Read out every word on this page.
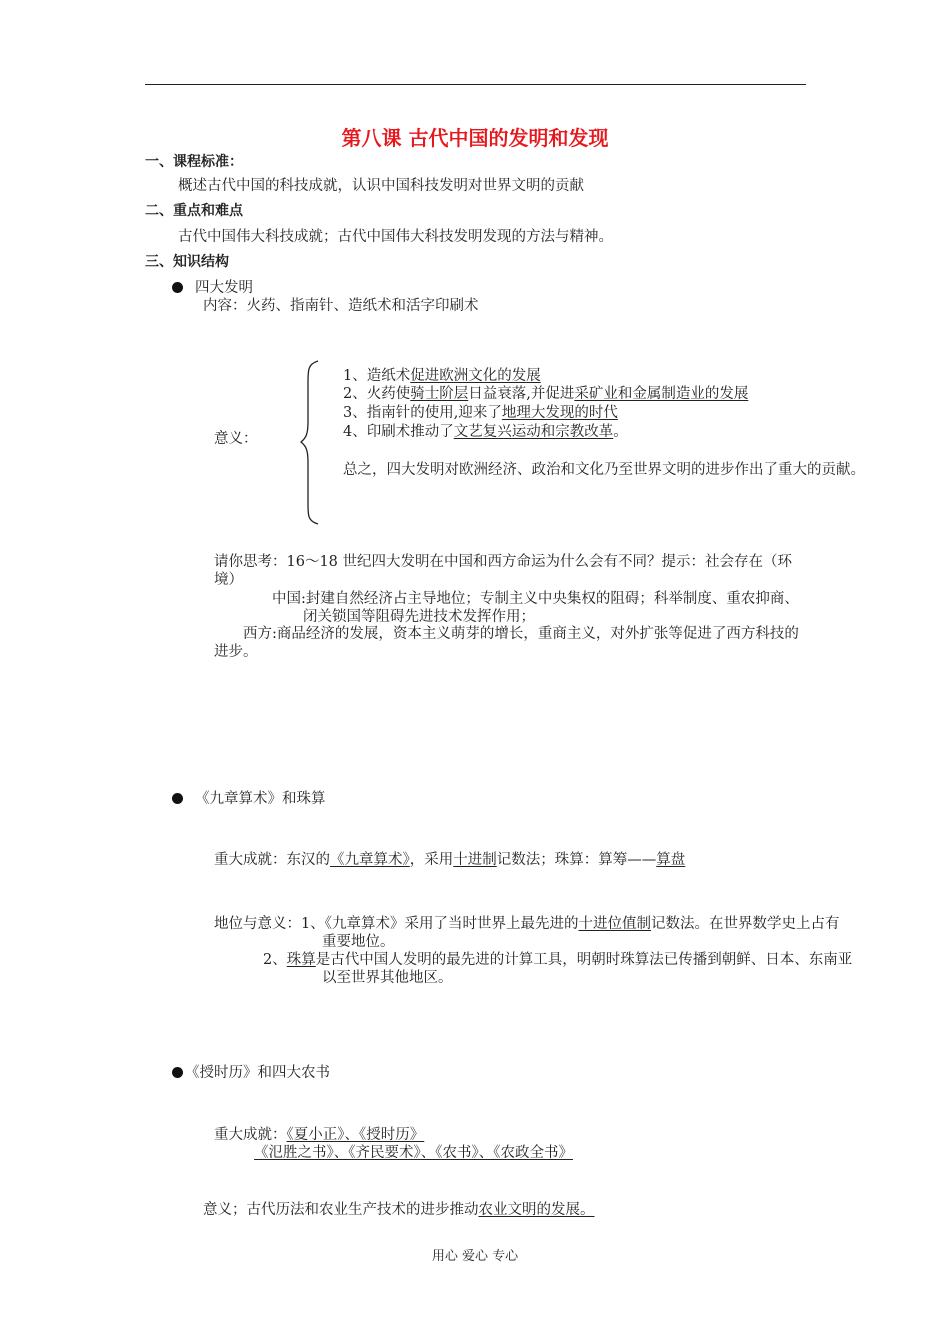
第八课 古代中国的发明和发现
一、课程标准：
概述古代中国的科技成就，认识中国科技发明对世界文明的贡献
二、重点和难点
古代中国伟大科技成就；古代中国伟大科技发明发现的方法与精神。
三、知识结构
四大发明
内容：火药、指南针、造纸术和活字印刷术
意义：
1、造纸术促进欧洲文化的发展
2、火药使骑士阶层日益衰落,并促进采矿业和金属制造业的发展
3、指南针的使用,迎来了地理大发现的时代
4、印刷术推动了文艺复兴运动和宗教改革。
总之，四大发明对欧洲经济、政治和文化乃至世界文明的进步作出了重大的贡献。
请你思考：16～18 世纪四大发明在中国和西方命运为什么会有不同？提示：社会存在（环
境）
中国:封建自然经济占主导地位；专制主义中央集权的阻碍；科举制度、重农抑商、
闭关锁国等阻碍先进技术发挥作用；
西方:商品经济的发展，资本主义萌芽的增长，重商主义，对外扩张等促进了西方科技的
进步。
《九章算术》和珠算
重大成就：东汉的《九章算术》，采用十进制记数法；珠算：算筹——算盘
地位与意义：1、《九章算术》采用了当时世界上最先进的十进位值制记数法。在世界数学史上占有
重要地位。
2、珠算是古代中国人发明的最先进的计算工具，明朝时珠算法已传播到朝鲜、日本、东南亚
以至世界其他地区。
《授时历》和四大农书
重大成就：《夏小正》、《授时历》
《氾胜之书》、《齐民要术》、《农书》、《农政全书》
意义；古代历法和农业生产技术的进步推动农业文明的发展。
用心 爱心 专心
